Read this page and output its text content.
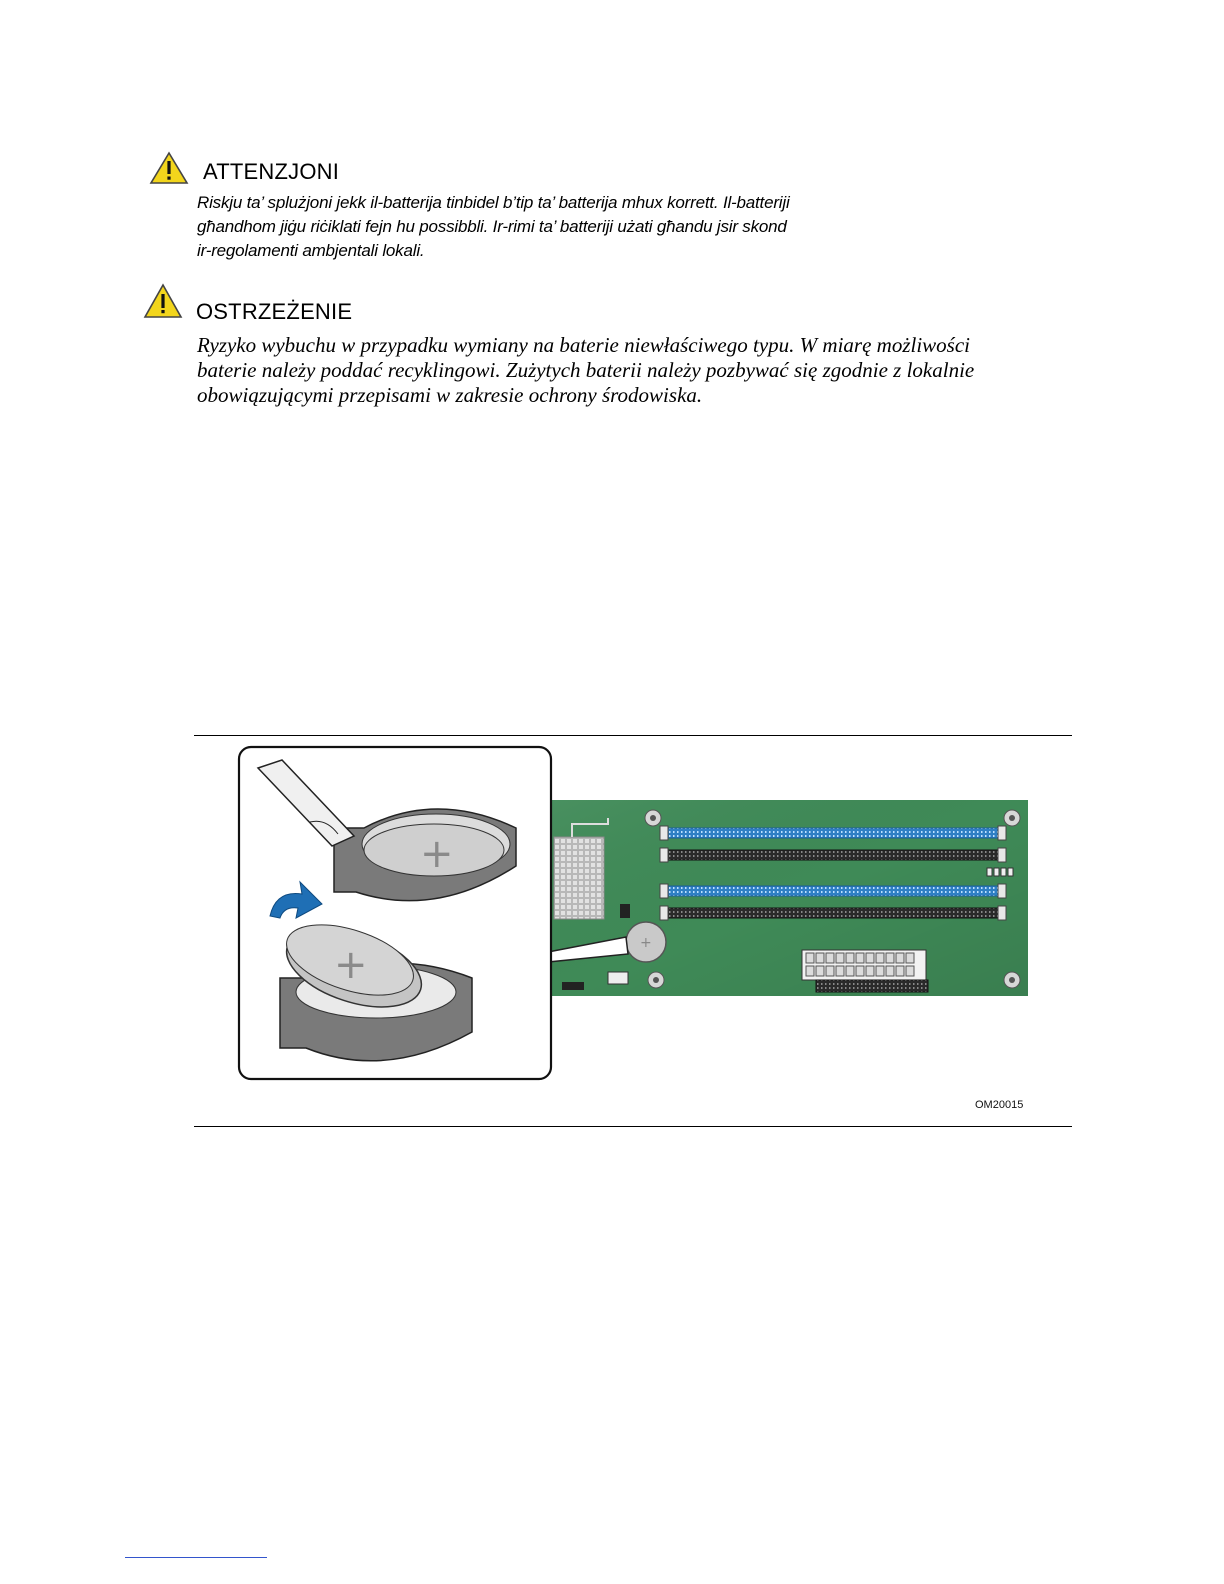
ATTENZJONI
Riskju ta’ splużjoni jekk il-batterija tinbidel b’tip ta’ batterija mhux korrett. Il-batteriji
għandhom jiġu riċiklati fejn hu possibbli. Ir-rimi ta’ batteriji użati għandu jsir skond
ir-regolamenti ambjentali lokali.
OSTRZEŻENIE
Ryzyko wybuchu w przypadku wymiany na baterie niewłaściwego typu. W miarę możliwości
baterie należy poddać recyklingowi. Zużytych baterii należy pozbywać się zgodnie z lokalnie
obowiązującymi przepisami w zakresie ochrony środowiska.
+
+
+
OM20015
